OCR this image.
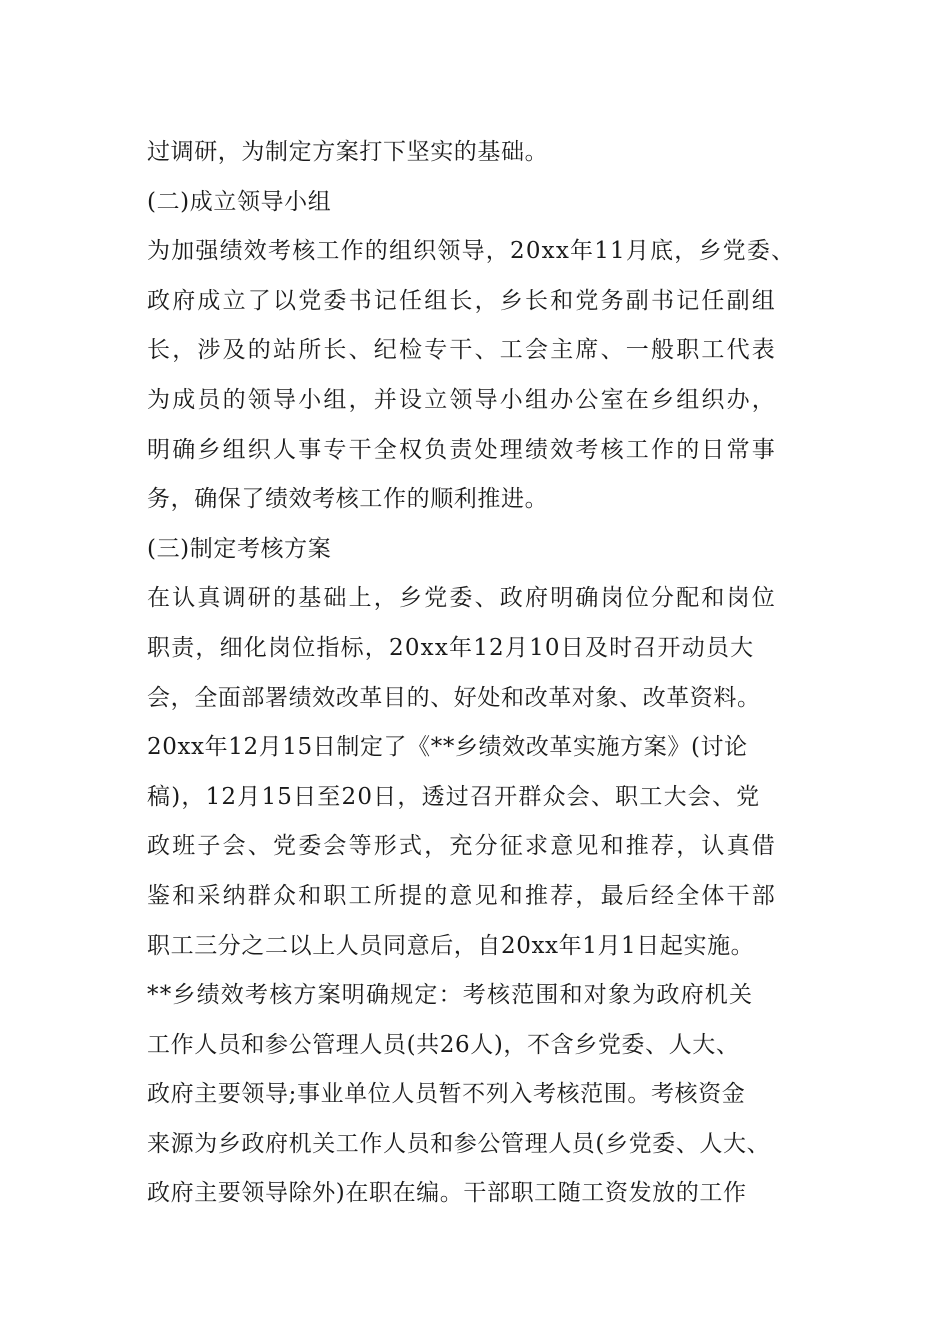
过调研，为制定方案打下坚实的基础。
(二)成立领导小组
为加强绩效考核工作的组织领导，20xx年11月底，乡党委、
政府成立了以党委书记任组长，乡长和党务副书记任副组
长，涉及的站所长、纪检专干、工会主席、一般职工代表
为成员的领导小组，并设立领导小组办公室在乡组织办，
明确乡组织人事专干全权负责处理绩效考核工作的日常事
务，确保了绩效考核工作的顺利推进。
(三)制定考核方案
在认真调研的基础上，乡党委、政府明确岗位分配和岗位
职责，细化岗位指标，20xx年12月10日及时召开动员大
会，全面部署绩效改革目的、好处和改革对象、改革资料。
20xx年12月15日制定了《**乡绩效改革实施方案》(讨论
稿)，12月15日至20日，透过召开群众会、职工大会、党
政班子会、党委会等形式，充分征求意见和推荐，认真借
鉴和采纳群众和职工所提的意见和推荐，最后经全体干部
职工三分之二以上人员同意后，自20xx年1月1日起实施。
**乡绩效考核方案明确规定：考核范围和对象为政府机关
工作人员和参公管理人员(共26人)，不含乡党委、人大、
政府主要领导;事业单位人员暂不列入考核范围。考核资金
来源为乡政府机关工作人员和参公管理人员(乡党委、人大、
政府主要领导除外)在职在编。干部职工随工资发放的工作
